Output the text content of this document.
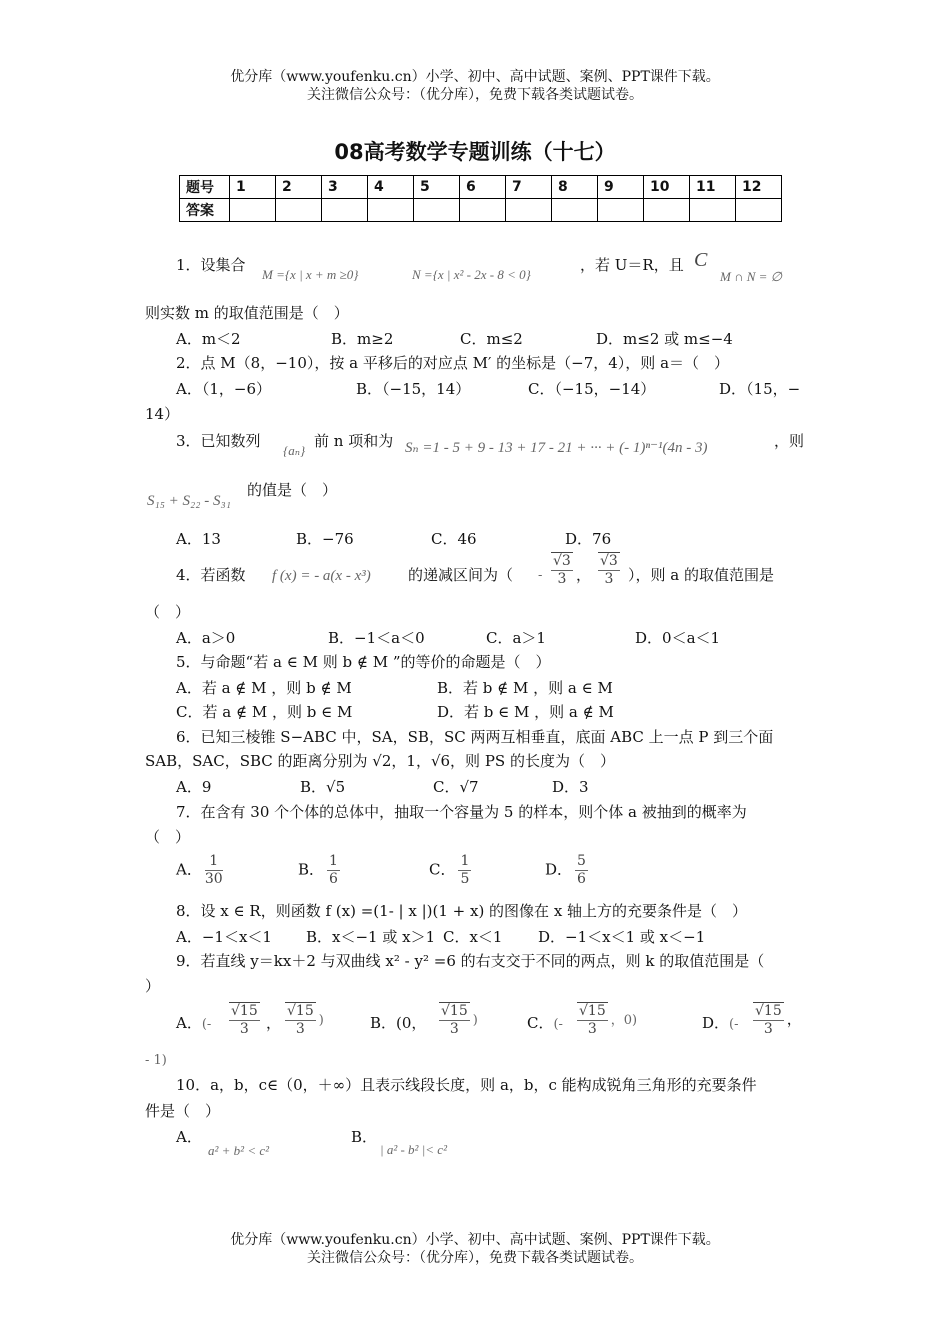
优分库（www.youfenku.cn）小学、初中、高中试题、案例、PPT课件下载。
关注微信公众号：（优分库），免费下载各类试题试卷。
08高考数学专题训练（十七）
题号	1	2	3	4	5	6	7	8	9	10	11	12
答案												
1．设集合
M ={x | x + m ≥0}	N ={x | x² - 2x - 8 < 0}
，若 U＝R，且 C
M ∩ N = ∅
则实数 m 的取值范围是（　）
A．m＜2	B．m≥2	C．m≤2	D．m≤2 或 m≤−4
2．点 M（8，−10），按 a 平移后的对应点 M′ 的坐标是（−7，4），则 a＝（　）
A．（1，−6）	B．（−15，14）	C．（−15，−14）	D．（15，−
14）
3．已知数列
{aₙ}
前 n 项和为 Sₙ =1 - 5 + 9 - 13 + 17 - 21 + ··· + (- 1)ⁿ⁻¹(4n - 3)	，则
S₁₅ + S₂₂ - S₃₁
的值是（　）
A．13	B．−76	C．46	D．76
4．若函数 f (x) = - a(x - x³) 的递减区间为（ - $\frac{√3}{3}$ ， $\frac{√3}{3}$ ），则 a 的取值范围是
（　）
A．a＞0	B．−1＜a＜0	C．a＞1	D．0＜a＜1
5．与命题“若 a ∈ M 则 b ∉ M ”的等价的命题是（　）
A．若 a ∉ M ，则 b ∉ M	B．若 b ∉ M ，则 a ∈ M
C．若 a ∉ M ，则 b ∈ M	D．若 b ∈ M ，则 a ∉ M
6．已知三棱锥 S−ABC 中，SA，SB，SC 两两互相垂直，底面 ABC 上一点 P 到三个面
SAB，SAC，SBC 的距离分别为 √2，1，√6，则 PS 的长度为（　）
A．9	B．√5	C．√7	D．3
7．在含有 30 个个体的总体中，抽取一个容量为 5 的样本，则个体 a 被抽到的概率为
（　）
A． $\frac{1}{30}$	B． $\frac{1}{6}$	C． $\frac{1}{5}$	D． $\frac{5}{6}$
8．设 x ∈ R，则函数 f (x) =(1- | x |)(1 + x) 的图像在 x 轴上方的充要条件是（　）
A．−1＜x＜1 B．x＜−1 或 x＞1 C．x＜1 D．−1＜x＜1 或 x＜−1
9．若直线 y＝kx＋2 与双曲线 x² - y² =6 的右支交于不同的两点，则 k 的取值范围是（
）
A．(- $\frac{√15}{3}$ ， $\frac{√15}{3}$ )	B．(0， $\frac{√15}{3}$ )	C．(- $\frac{√15}{3}$ ，0)	D．(- $\frac{√15}{3}$ ，
- 1)
10．a，b，c∈（0，＋∞）且表示线段长度，则 a，b，c 能构成锐角三角形的充要条件
件是（　）
A．
a² + b² < c²
B．
| a² - b² |< c²
优分库（www.youfenku.cn）小学、初中、高中试题、案例、PPT课件下载。
关注微信公众号：（优分库），免费下载各类试题试卷。
